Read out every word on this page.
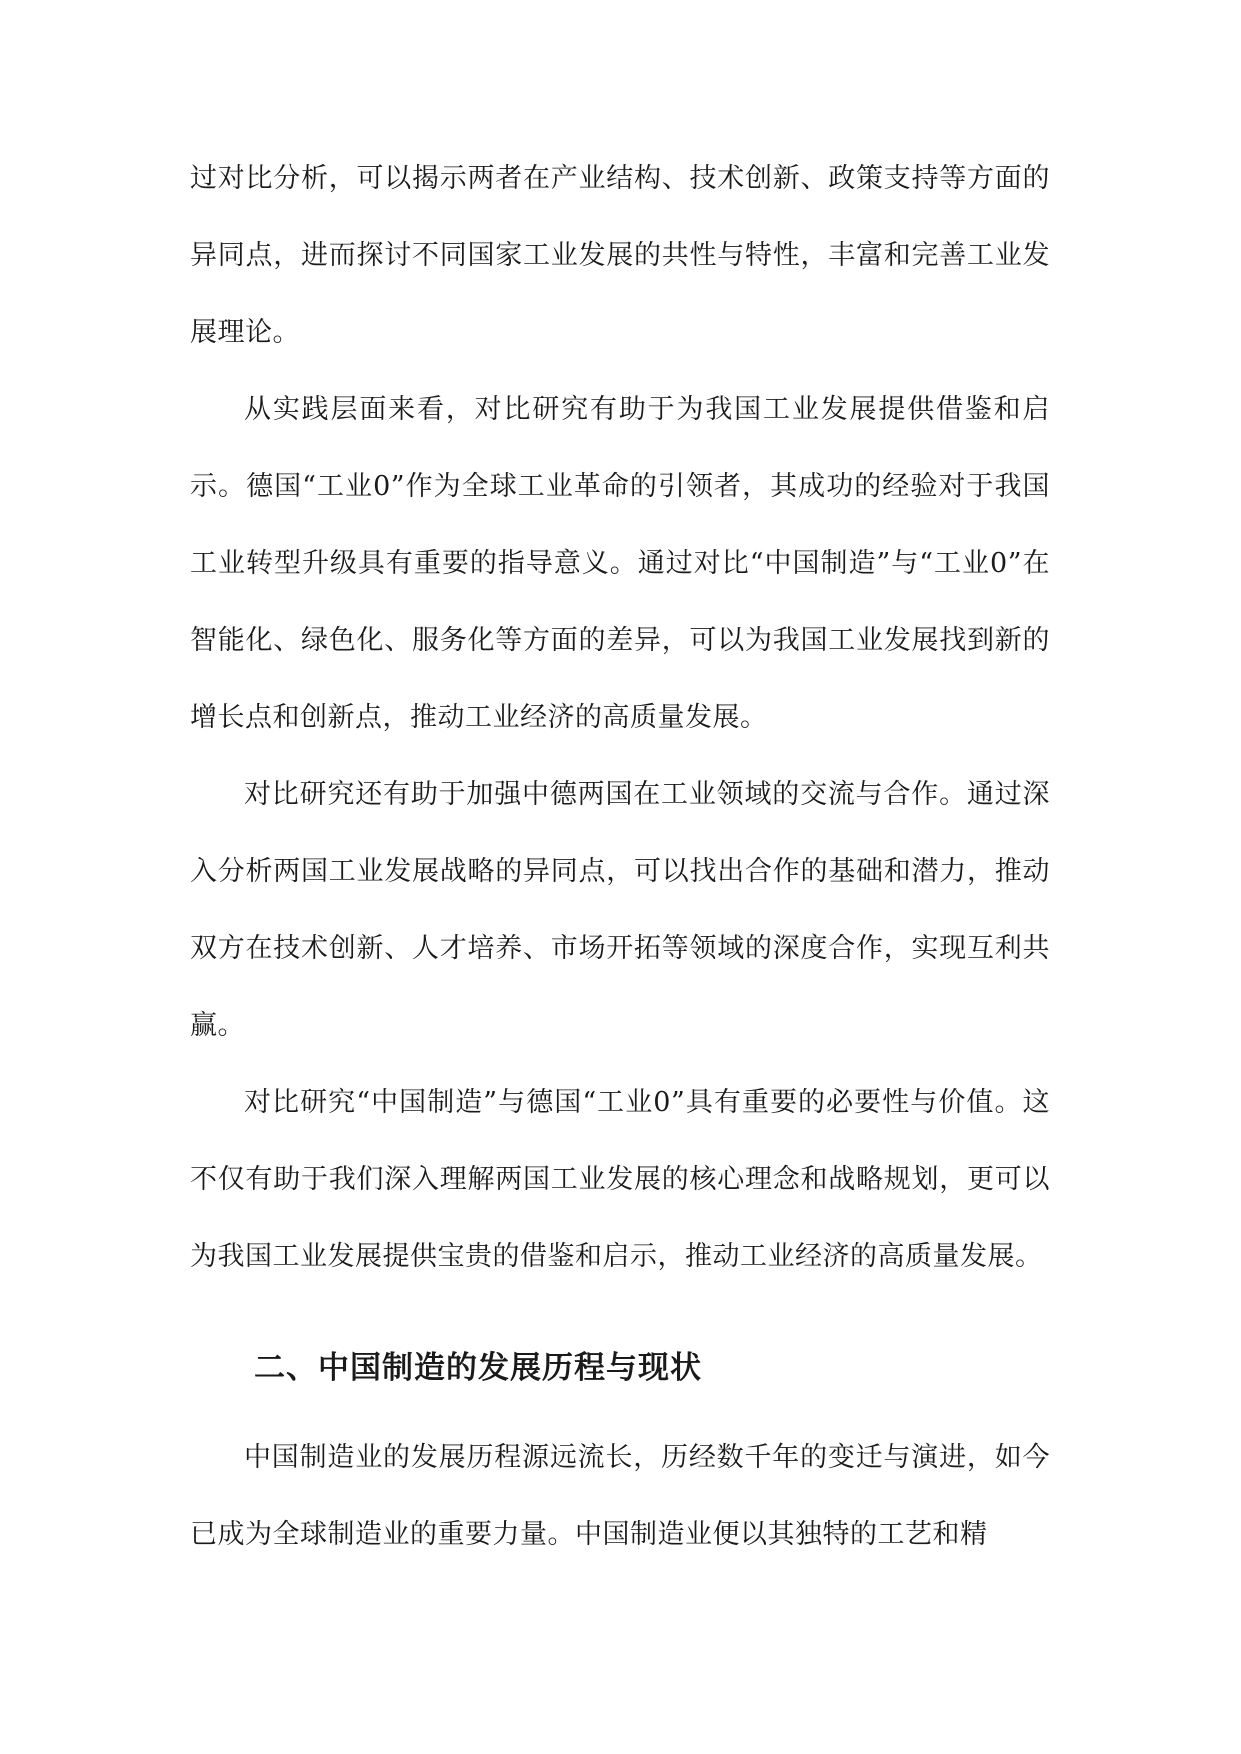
过对比分析，可以揭示两者在产业结构、技术创新、政策支持等方面的异同点，进而探讨不同国家工业发展的共性与特性，丰富和完善工业发展理论。

从实践层面来看，对比研究有助于为我国工业发展提供借鉴和启示。德国“工业0”作为全球工业革命的引领者，其成功的经验对于我国工业转型升级具有重要的指导意义。通过对比“中国制造”与“工业0”在智能化、绿色化、服务化等方面的差异，可以为我国工业发展找到新的增长点和创新点，推动工业经济的高质量发展。

对比研究还有助于加强中德两国在工业领域的交流与合作。通过深入分析两国工业发展战略的异同点，可以找出合作的基础和潜力，推动双方在技术创新、人才培养、市场开拓等领域的深度合作，实现互利共赢。

对比研究“中国制造”与德国“工业0”具有重要的必要性与价值。这不仅有助于我们深入理解两国工业发展的核心理念和战略规划，更可以为我国工业发展提供宝贵的借鉴和启示，推动工业经济的高质量发展。

二、中国制造的发展历程与现状

中国制造业的发展历程源远流长，历经数千年的变迁与演进，如今已成为全球制造业的重要力量。中国制造业便以其独特的工艺和精
